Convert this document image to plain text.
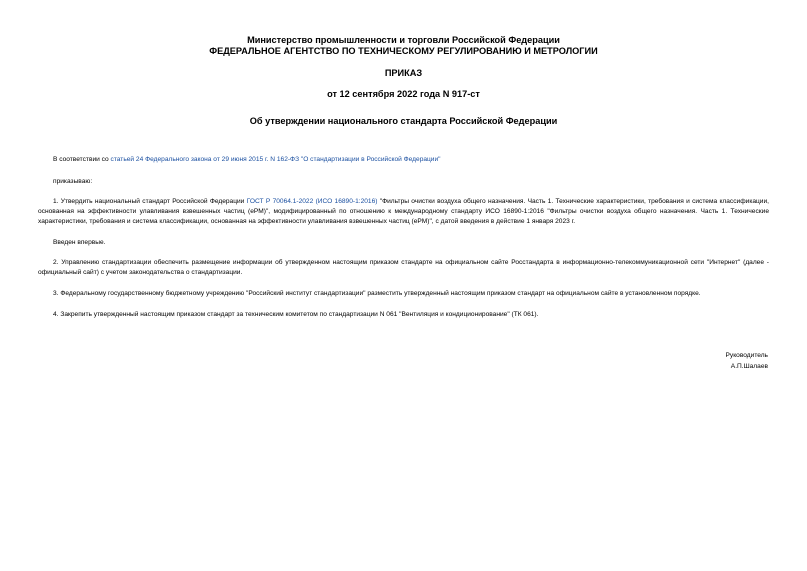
Министерство промышленности и торговли Российской Федерации
ФЕДЕРАЛЬНОЕ АГЕНТСТВО ПО ТЕХНИЧЕСКОМУ РЕГУЛИРОВАНИЮ И МЕТРОЛОГИИ
ПРИКАЗ
от 12 сентября 2022 года N 917-ст
Об утверждении национального стандарта Российской Федерации
В соответствии со статьей 24 Федерального закона от 29 июня 2015 г. N 162-ФЗ "О стандартизации в Российской Федерации"
приказываю:
1. Утвердить национальный стандарт Российской Федерации ГОСТ Р 70064.1-2022 (ИСО 16890-1:2016) "Фильтры очистки воздуха общего назначения. Часть 1. Технические характеристики, требования и система классификации, основанная на эффективности улавливания взвешенных частиц (ePM)", модифицированный по отношению к международному стандарту ИСО 16890-1:2016 "Фильтры очистки воздуха общего назначения. Часть 1. Технические характеристики, требования и система классификации, основанная на эффективности улавливания взвешенных частиц (ePM)", с датой введения в действие 1 января 2023 г.
Введен впервые.
2. Управлению стандартизации обеспечить размещение информации об утвержденном настоящим приказом стандарте на официальном сайте Росстандарта в информационно-телекоммуникационной сети "Интернет" (далее - официальный сайт) с учетом законодательства о стандартизации.
3. Федеральному государственному бюджетному учреждению "Российский институт стандартизации" разместить утвержденный настоящим приказом стандарт на официальном сайте в установленном порядке.
4. Закрепить утвержденный настоящим приказом стандарт за техническим комитетом по стандартизации N 061 "Вентиляция и кондиционирование" (ТК 061).
Руководитель
А.П.Шалаев
